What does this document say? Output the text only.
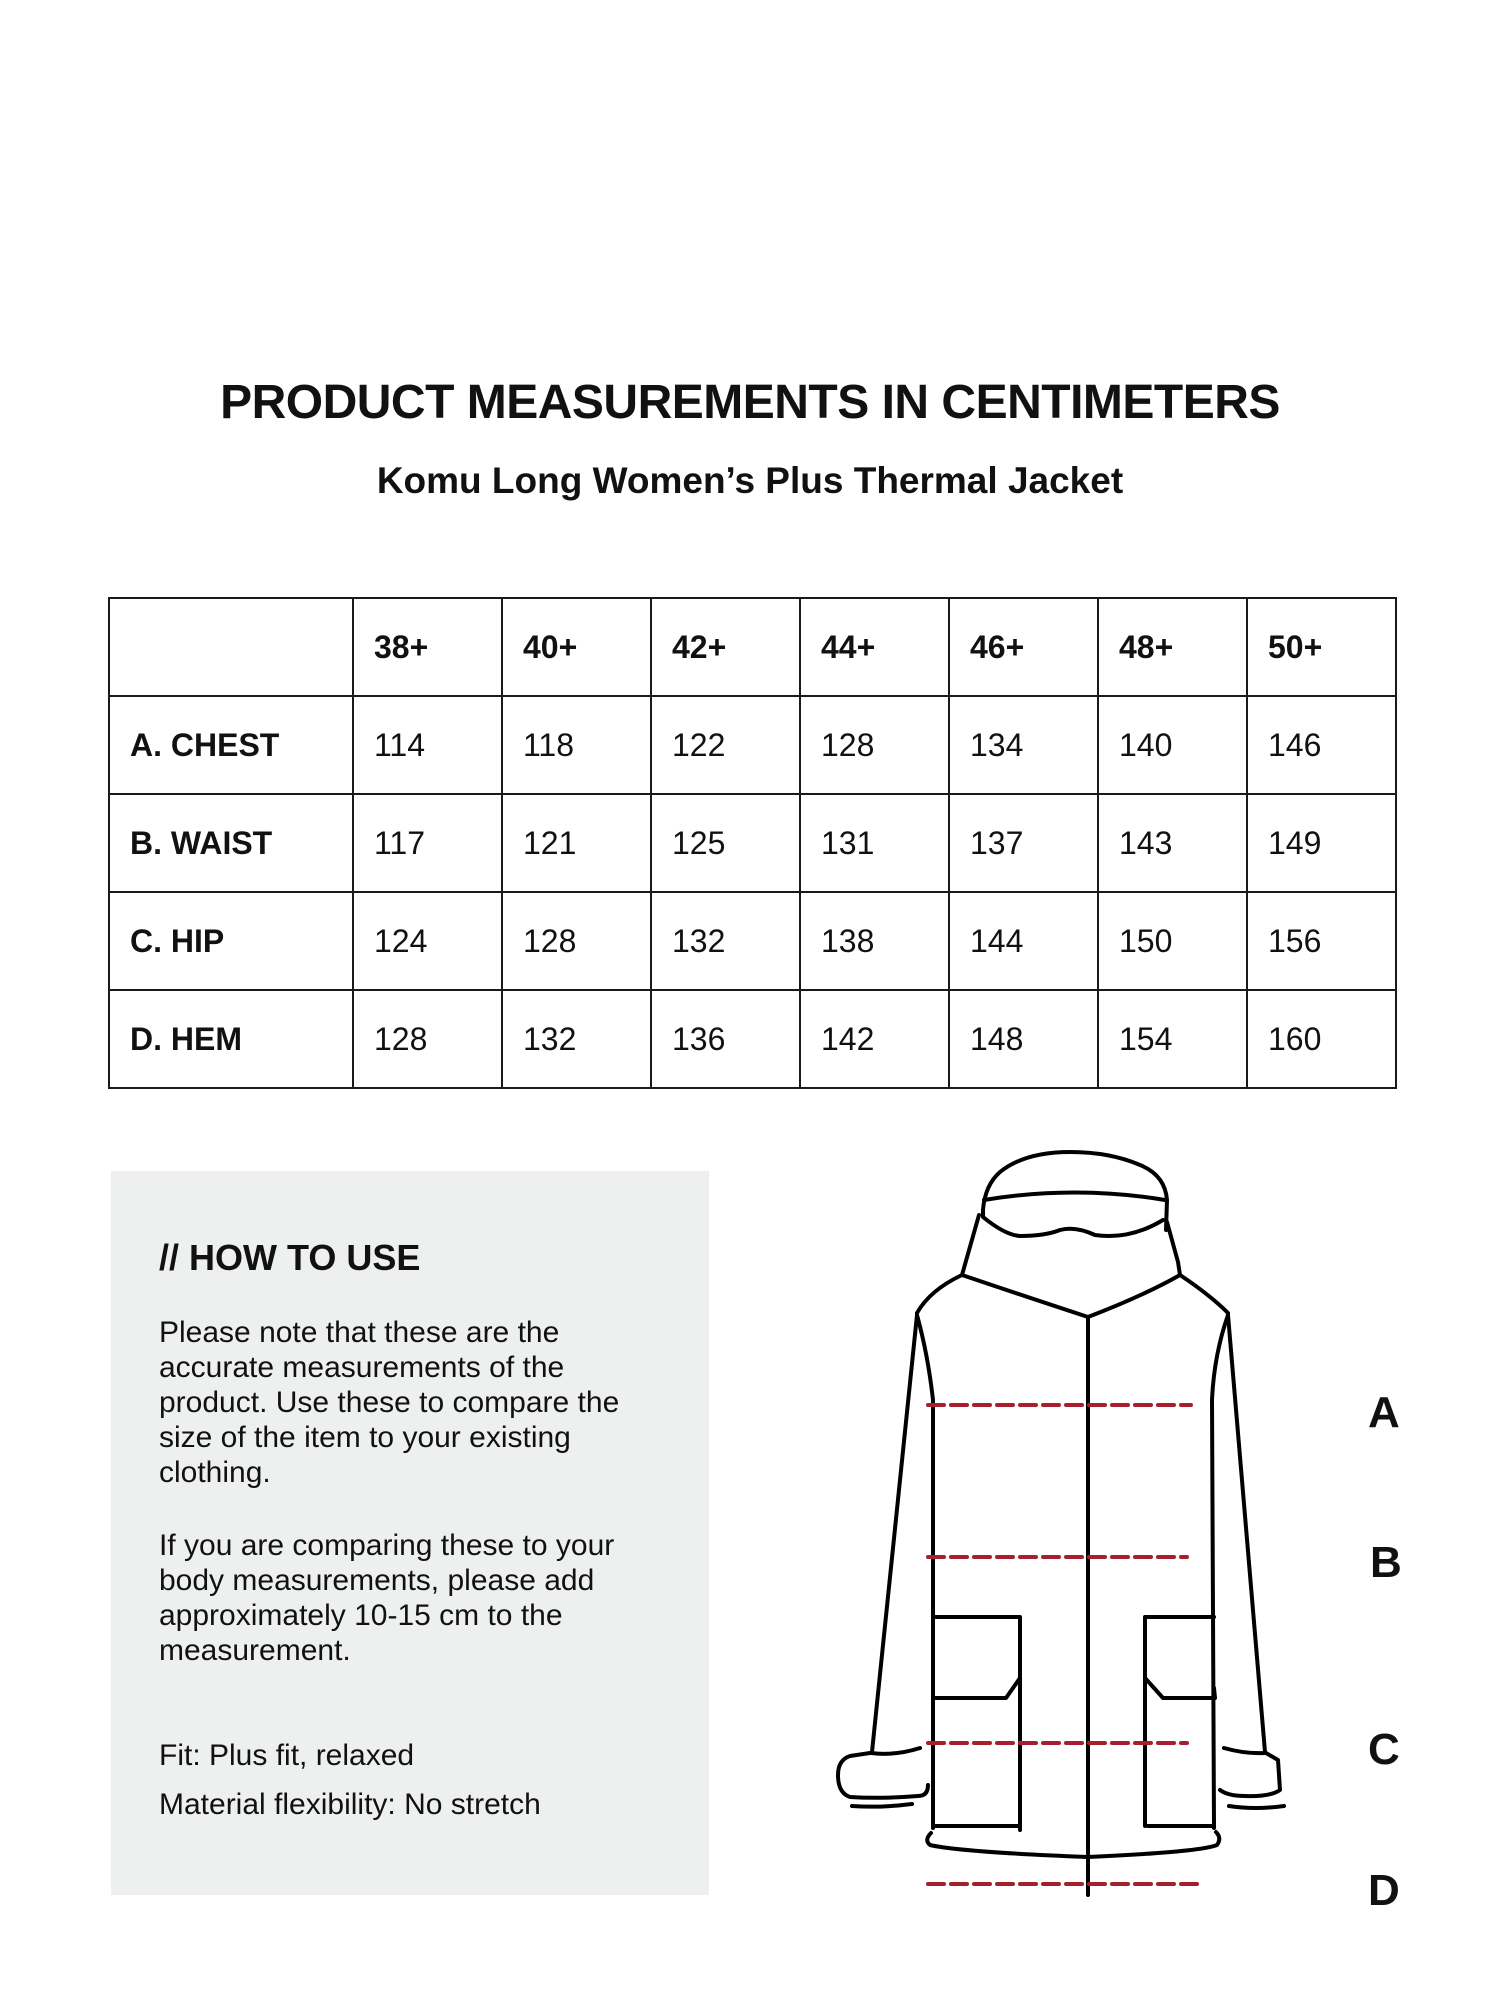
PRODUCT MEASUREMENTS IN CENTIMETERS
Komu Long Women’s Plus Thermal Jacket
	38+	40+	42+	44+	46+	48+	50+
A. CHEST	114	118	122	128	134	140	146
B. WAIST	117	121	125	131	137	143	149
C. HIP	124	128	132	138	144	150	156
D. HEM	128	132	136	142	148	154	160
// HOW TO USE

Please note that these are the accurate measurements of the product. Use these to compare the size of the item to your existing clothing.

If you are comparing these to your body measurements, please add approximately 10-15 cm to the measurement.

Fit: Plus fit, relaxed

Material flexibility: No stretch

A
B
C
D
